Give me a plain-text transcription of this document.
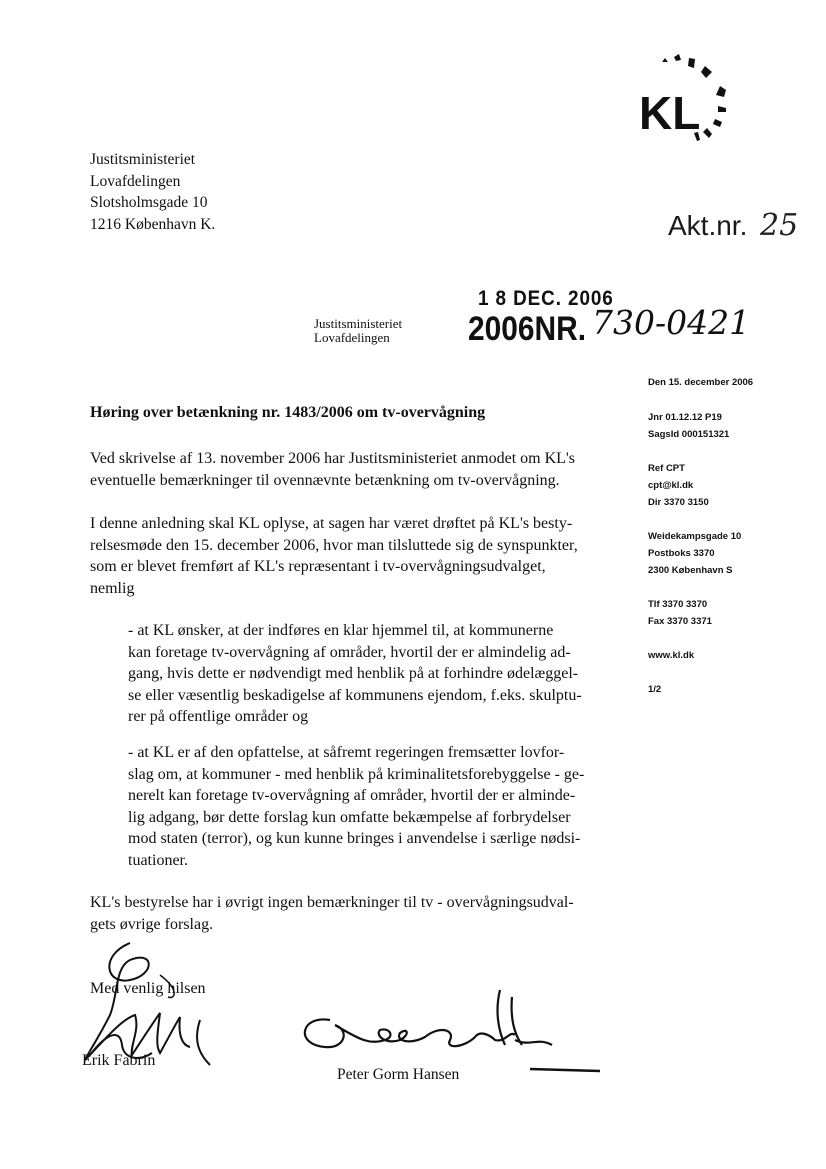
KL
Justitsministeriet
Lovafdelingen
Slotsholmsgade 10
1216 København K.	Akt.nr. 25
1 8 DEC. 2006
Justitsministeriet
Lovafdelingen	2006NR. 730-0421
Den 15. december 2006
Jnr 01.12.12 P19
SagsId 000151321
Ref CPT
cpt@kl.dk
Dir 3370 3150
Weidekampsgade 10
Postboks 3370
2300 København S
Tlf 3370 3370
Fax 3370 3371
www.kl.dk
1/2
Høring over betænkning nr. 1483/2006 om tv-overvågning
Ved skrivelse af 13. november 2006 har Justitsministeriet anmodet om KL's
eventuelle bemærkninger til ovennævnte betænkning om tv-overvågning.
I denne anledning skal KL oplyse, at sagen har været drøftet på KL's besty-
relsesmøde den 15. december 2006, hvor man tilsluttede sig de synspunkter,
som er blevet fremført af KL's repræsentant i tv-overvågningsudvalget,
nemlig
- at KL ønsker, at der indføres en klar hjemmel til, at kommunerne
kan foretage tv-overvågning af områder, hvortil der er almindelig ad-
gang, hvis dette er nødvendigt med henblik på at forhindre ødelæggel-
se eller væsentlig beskadigelse af kommunens ejendom, f.eks. skulptu-
rer på offentlige områder og
- at KL er af den opfattelse, at såfremt regeringen fremsætter lovfor-
slag om, at kommuner - med henblik på kriminalitetsforebyggelse - ge-
nerelt kan foretage tv-overvågning af områder, hvortil der er alminde-
lig adgang, bør dette forslag kun omfatte bekæmpelse af forbrydelser
mod staten (terror), og kun kunne bringes i anvendelse i særlige nødsi-
tuationer.
KL's bestyrelse har i øvrigt ingen bemærkninger til tv - overvågningsudval-
gets øvrige forslag.
Med venlig hilsen
Erik Fabrin
Peter Gorm Hansen
